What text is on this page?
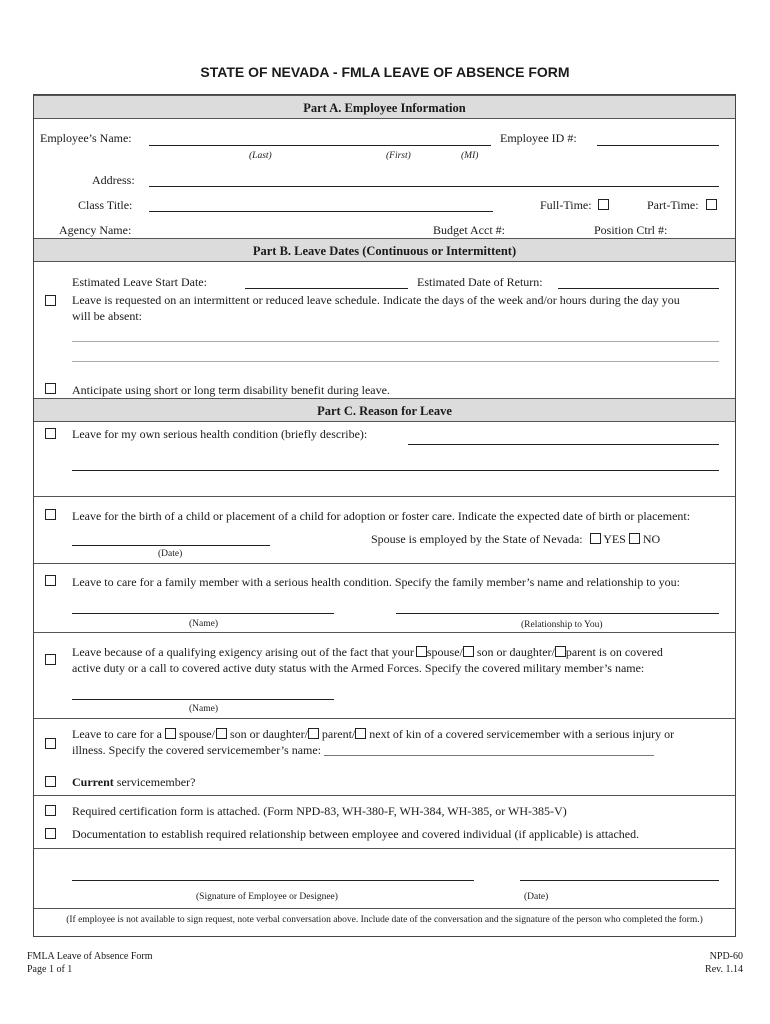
STATE OF NEVADA - FMLA LEAVE OF ABSENCE FORM
Part A. Employee Information
Employee’s Name:	Employee ID #:
(Last)	(First)	(MI)
Address:
Class Title:	Full-Time:	Part-Time:
Agency Name:	Budget Acct #:	Position Ctrl #:
Part B. Leave Dates (Continuous or Intermittent)
Estimated Leave Start Date:	Estimated Date of Return:
Leave is requested on an intermittent or reduced leave schedule. Indicate the days of the week and/or hours during the day you
will be absent:
Anticipate using short or long term disability benefit during leave.
Part C. Reason for Leave
Leave for my own serious health condition (briefly describe):
Leave for the birth of a child or placement of a child for adoption or foster care. Indicate the expected date of birth or placement:
(Date)
Spouse is employed by the State of Nevada: YES NO
Leave to care for a family member with a serious health condition. Specify the family member’s name and relationship to you:
(Name)	(Relationship to You)
Leave because of a qualifying exigency arising out of the fact that your spouse/ son or daughter/ parent is on covered
active duty or a call to covered active duty status with the Armed Forces. Specify the covered military member’s name:
(Name)
Leave to care for a spouse/ son or daughter/ parent/ next of kin of a covered servicemember with a serious injury or
illness. Specify the covered servicemember’s name: _______________________________________________________
Current servicemember?
Required certification form is attached. (Form NPD-83, WH-380-F, WH-384, WH-385, or WH-385-V)
Documentation to establish required relationship between employee and covered individual (if applicable) is attached.
(Signature of Employee or Designee)	(Date)
(If employee is not available to sign request, note verbal conversation above. Include date of the conversation and the signature of the person who completed the form.)
FMLA Leave of Absence Form
Page 1 of 1
NPD-60
Rev. 1.14
